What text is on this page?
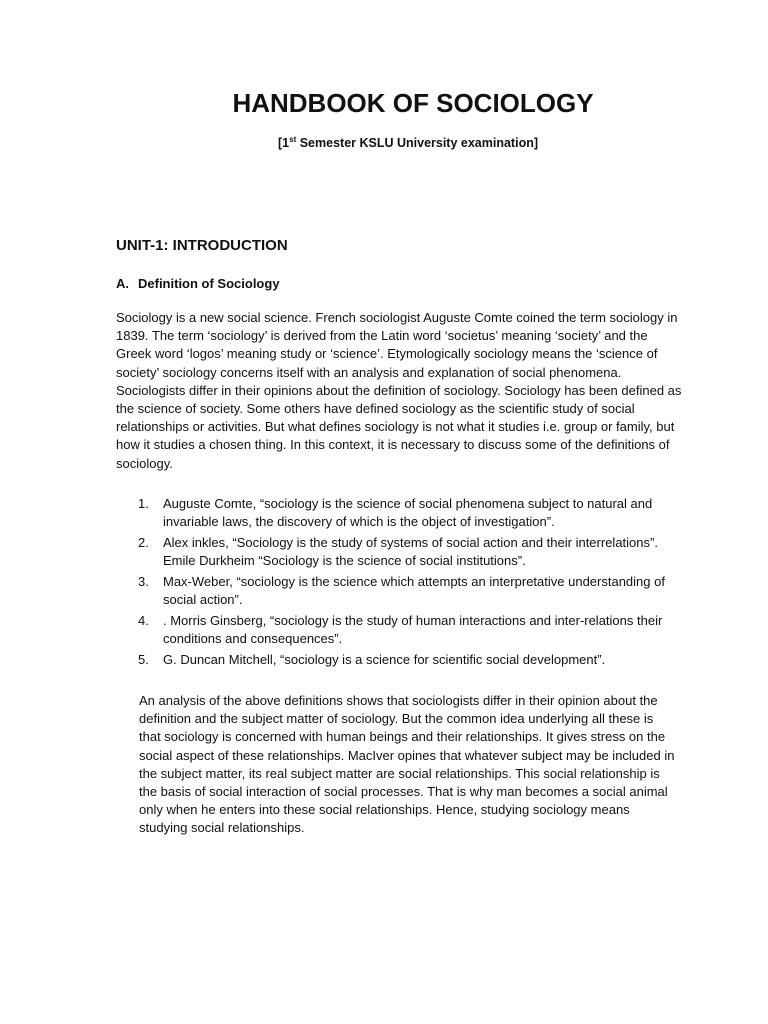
HANDBOOK OF SOCIOLOGY

[1st Semester KSLU University examination]

UNIT-1: INTRODUCTION
A. Definition of Sociology

Sociology is a new social science. French sociologist Auguste Comte coined the term sociology in 1839. The term ‘sociology’ is derived from the Latin word ‘societus’ meaning ‘society’ and the Greek word ‘logos’ meaning study or ‘science’. Etymologically sociology means the ‘science of society’ sociology concerns itself with an analysis and explanation of social phenomena. Sociologists differ in their opinions about the definition of sociology. Sociology has been defined as the science of society. Some others have defined sociology as the scientific study of social relationships or activities. But what defines sociology is not what it studies i.e. group or family, but how it studies a chosen thing. In this context, it is necessary to discuss some of the definitions of sociology.

1. Auguste Comte, “sociology is the science of social phenomena subject to natural and invariable laws, the discovery of which is the object of investigation”.
2. Alex inkles, “Sociology is the study of systems of social action and their interrelations”. Emile Durkheim “Sociology is the science of social institutions”.
3. Max-Weber, “sociology is the science which attempts an interpretative understanding of social action”.
4. . Morris Ginsberg, “sociology is the study of human interactions and inter-relations their conditions and consequences”.
5. G. Duncan Mitchell, “sociology is a science for scientific social development”.

An analysis of the above definitions shows that sociologists differ in their opinion about the definition and the subject matter of sociology. But the common idea underlying all these is that sociology is concerned with human beings and their relationships. It gives stress on the social aspect of these relationships. MacIver opines that whatever subject may be included in the subject matter, its real subject matter are social relationships. This social relationship is the basis of social interaction of social processes. That is why man becomes a social animal only when he enters into these social relationships. Hence, studying sociology means studying social relationships.
